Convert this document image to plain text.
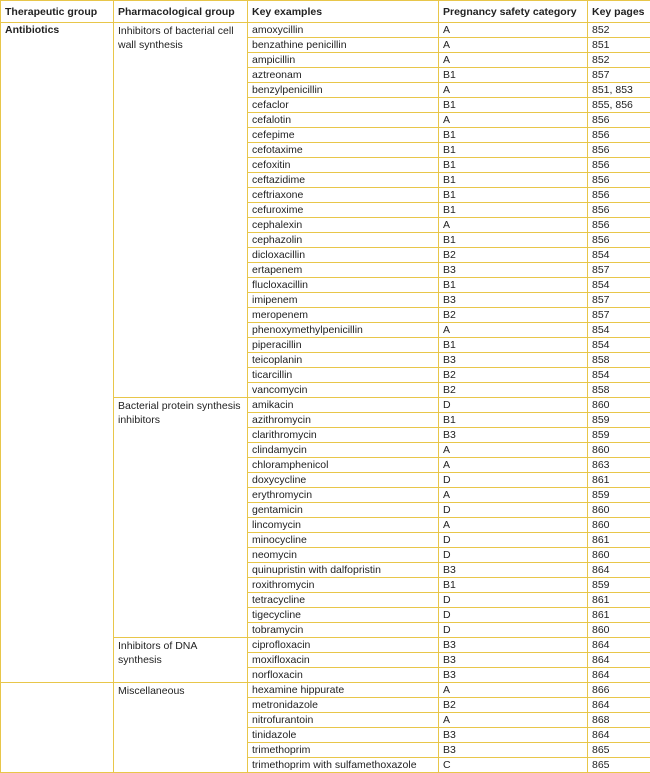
Therapeutic group	Pharmacological group	Key examples	Pregnancy safety category	Key pages
Antibiotics	Inhibitors of bacterial cell wall synthesis	amoxycillin	A	852
		benzathine penicillin	A	851
		ampicillin	A	852
		aztreonam	B1	857
		benzylpenicillin	A	851, 853
		cefaclor	B1	855, 856
		cefalotin	A	856
		cefepime	B1	856
		cefotaxime	B1	856
		cefoxitin	B1	856
		ceftazidime	B1	856
		ceftriaxone	B1	856
		cefuroxime	B1	856
		cephalexin	A	856
		cephazolin	B1	856
		dicloxacillin	B2	854
		ertapenem	B3	857
		flucloxacillin	B1	854
		imipenem	B3	857
		meropenem	B2	857
		phenoxymethylpenicillin	A	854
		piperacillin	B1	854
		teicoplanin	B3	858
		ticarcillin	B2	854
		vancomycin	B2	858
	Bacterial protein synthesis inhibitors	amikacin	D	860
		azithromycin	B1	859
		clarithromycin	B3	859
		clindamycin	A	860
		chloramphenicol	A	863
		doxycycline	D	861
		erythromycin	A	859
		gentamicin	D	860
		lincomycin	A	860
		minocycline	D	861
		neomycin	D	860
		quinupristin with dalfopristin	B3	864
		roxithromycin	B1	859
		tetracycline	D	861
		tigecycline	D	861
		tobramycin	D	860
	Inhibitors of DNA synthesis	ciprofloxacin	B3	864
		moxifloxacin	B3	864
		norfloxacin	B3	864
	Miscellaneous	hexamine hippurate	A	866
		metronidazole	B2	864
		nitrofurantoin	A	868
		tinidazole	B3	864
		trimethoprim	B3	865
		trimethoprim with sulfamethoxazole	C	865
